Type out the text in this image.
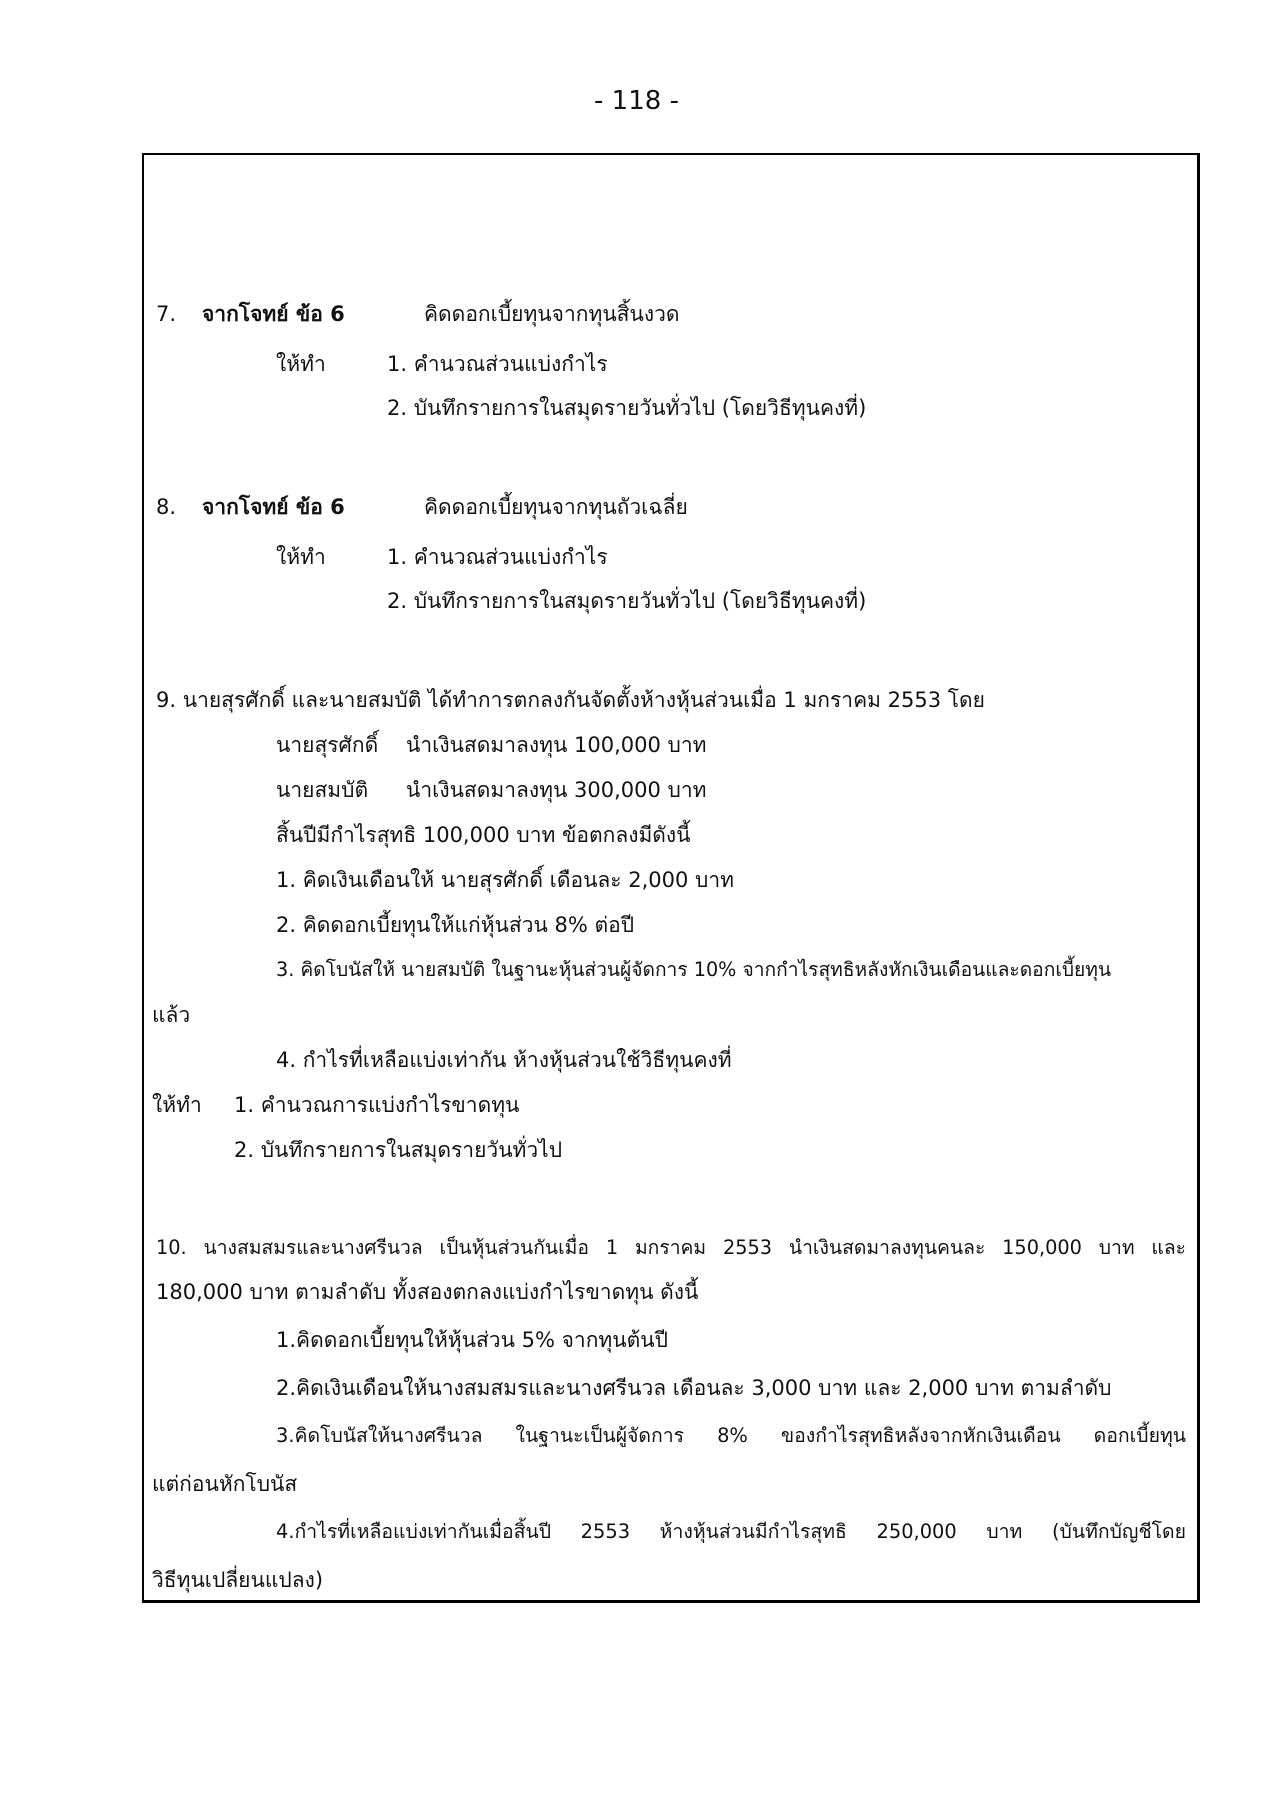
- 118 -
7. จากโจทย์ ข้อ 6	คิดดอกเบี้ยทุนจากทุนสิ้นงวด
ให้ทำ	1. คำนวณส่วนแบ่งกำไร
2. บันทึกรายการในสมุดรายวันทั่วไป (โดยวิธีทุนคงที่)
8. จากโจทย์ ข้อ 6	คิดดอกเบี้ยทุนจากทุนถัวเฉลี่ย
ให้ทำ	1. คำนวณส่วนแบ่งกำไร
2. บันทึกรายการในสมุดรายวันทั่วไป (โดยวิธีทุนคงที่)
9. นายสุรศักดิ์ และนายสมบัติ ได้ทำการตกลงกันจัดตั้งห้างหุ้นส่วนเมื่อ 1 มกราคม 2553 โดย
นายสุรศักดิ์ นำเงินสดมาลงทุน 100,000 บาท
นายสมบัติ นำเงินสดมาลงทุน 300,000 บาท
สิ้นปีมีกำไรสุทธิ 100,000 บาท ข้อตกลงมีดังนี้
1. คิดเงินเดือนให้ นายสุรศักดิ์ เดือนละ 2,000 บาท
2. คิดดอกเบี้ยทุนให้แก่หุ้นส่วน 8% ต่อปี
3. คิดโบนัสให้ นายสมบัติ ในฐานะหุ้นส่วนผู้จัดการ 10% จากกำไรสุทธิหลังหักเงินเดือนและดอกเบี้ยทุน
แล้ว
4. กำไรที่เหลือแบ่งเท่ากัน ห้างหุ้นส่วนใช้วิธีทุนคงที่
ให้ทำ 1. คำนวณการแบ่งกำไรขาดทุน
2. บันทึกรายการในสมุดรายวันทั่วไป
10. นางสมสมรและนางศรีนวล เป็นหุ้นส่วนกันเมื่อ 1 มกราคม 2553 นำเงินสดมาลงทุนคนละ 150,000 บาท และ
180,000 บาท ตามลำดับ ทั้งสองตกลงแบ่งกำไรขาดทุน ดังนี้
1.คิดดอกเบี้ยทุนให้หุ้นส่วน 5% จากทุนต้นปี
2.คิดเงินเดือนให้นางสมสมรและนางศรีนวล เดือนละ 3,000 บาท และ 2,000 บาท ตามลำดับ
3.คิดโบนัสให้นางศรีนวล ในฐานะเป็นผู้จัดการ 8% ของกำไรสุทธิหลังจากหักเงินเดือน ดอกเบี้ยทุน
แต่ก่อนหักโบนัส
4.กำไรที่เหลือแบ่งเท่ากันเมื่อสิ้นปี 2553 ห้างหุ้นส่วนมีกำไรสุทธิ 250,000 บาท (บันทึกบัญชีโดย
วิธีทุนเปลี่ยนแปลง)
